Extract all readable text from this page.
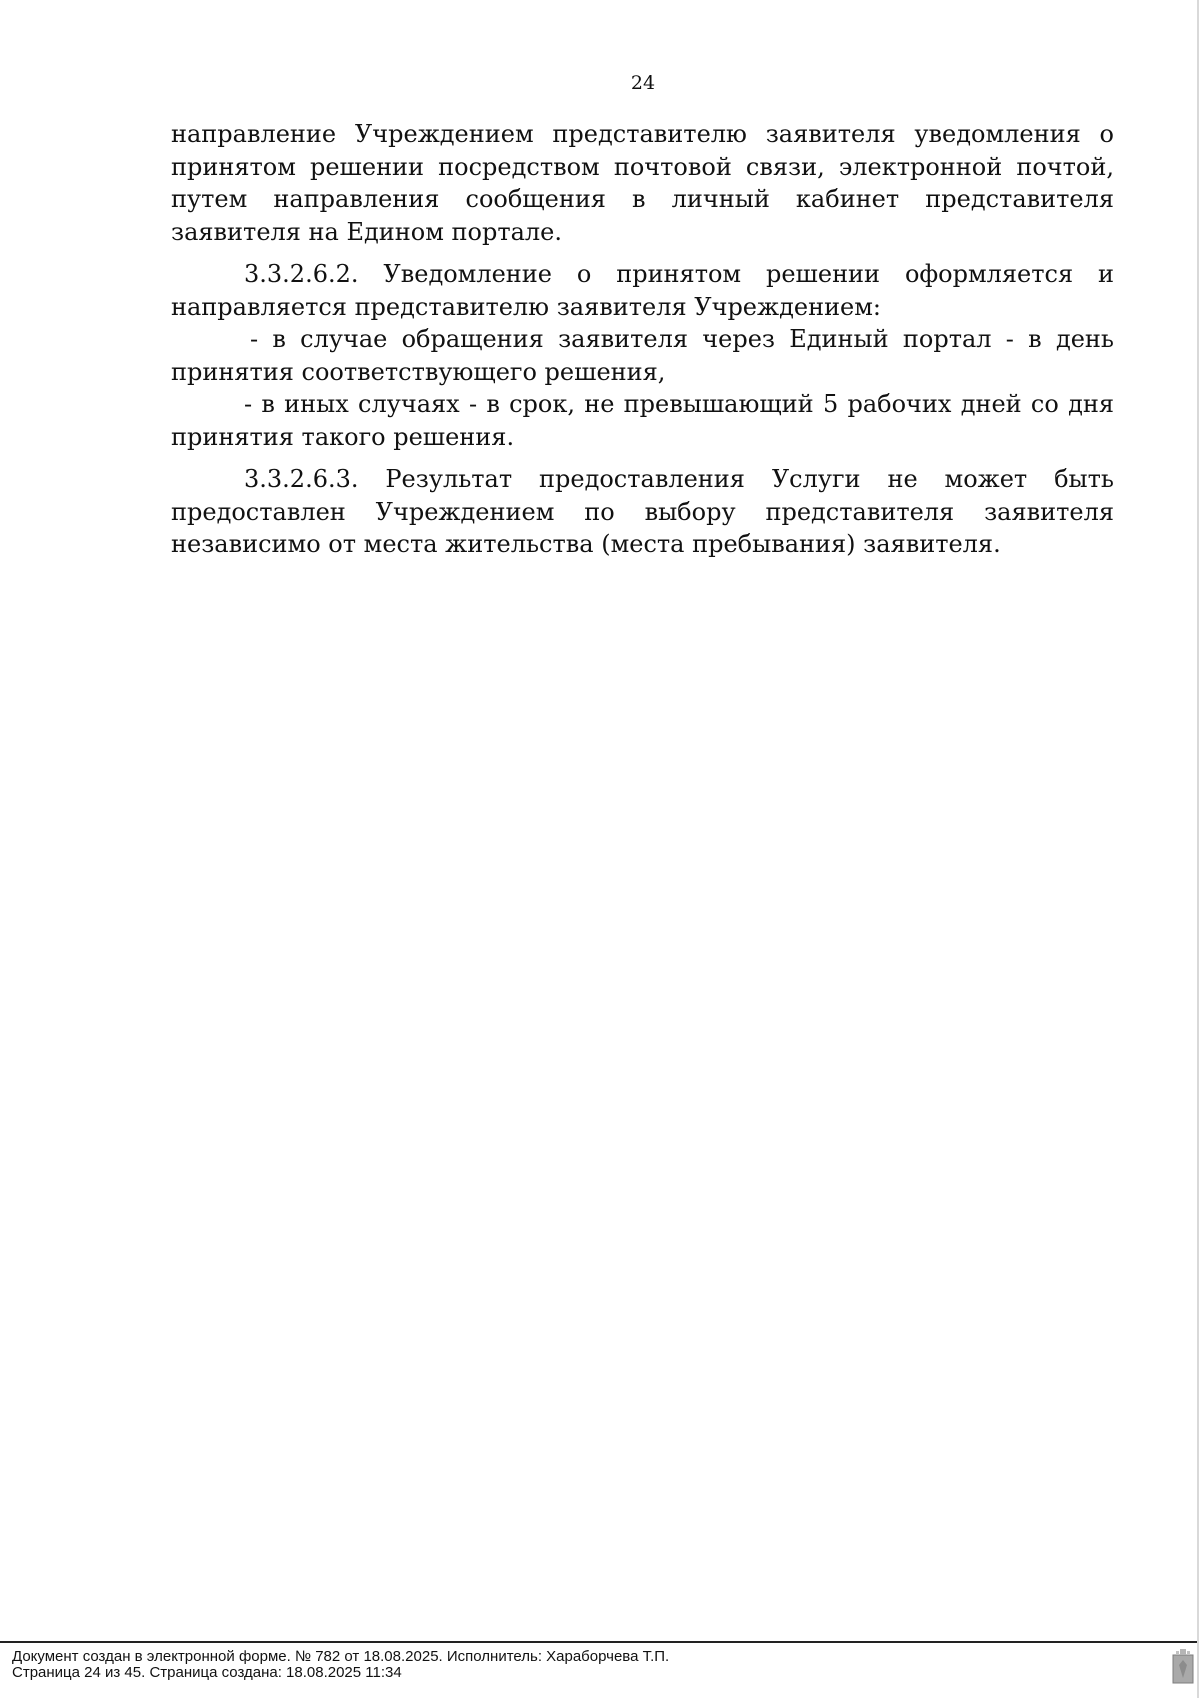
24

направление Учреждением представителю заявителя уведомления о принятом решении посредством почтовой связи, электронной почтой, путем направления сообщения в личный кабинет представителя заявителя на Едином портале.

3.3.2.6.2. Уведомление о принятом решении оформляется и направляется представителю заявителя Учреждением:

- в случае обращения заявителя через Единый портал - в день принятия соответствующего решения,

- в иных случаях - в срок, не превышающий 5 рабочих дней со дня принятия такого решения.

3.3.2.6.3. Результат предоставления Услуги не может быть предоставлен Учреждением по выбору представителя заявителя независимо от места жительства (места пребывания) заявителя.

Документ создан в электронной форме. № 782 от 18.08.2025. Исполнитель: Хараборчева Т.П.
Страница 24 из 45. Страница создана: 18.08.2025 11:34
